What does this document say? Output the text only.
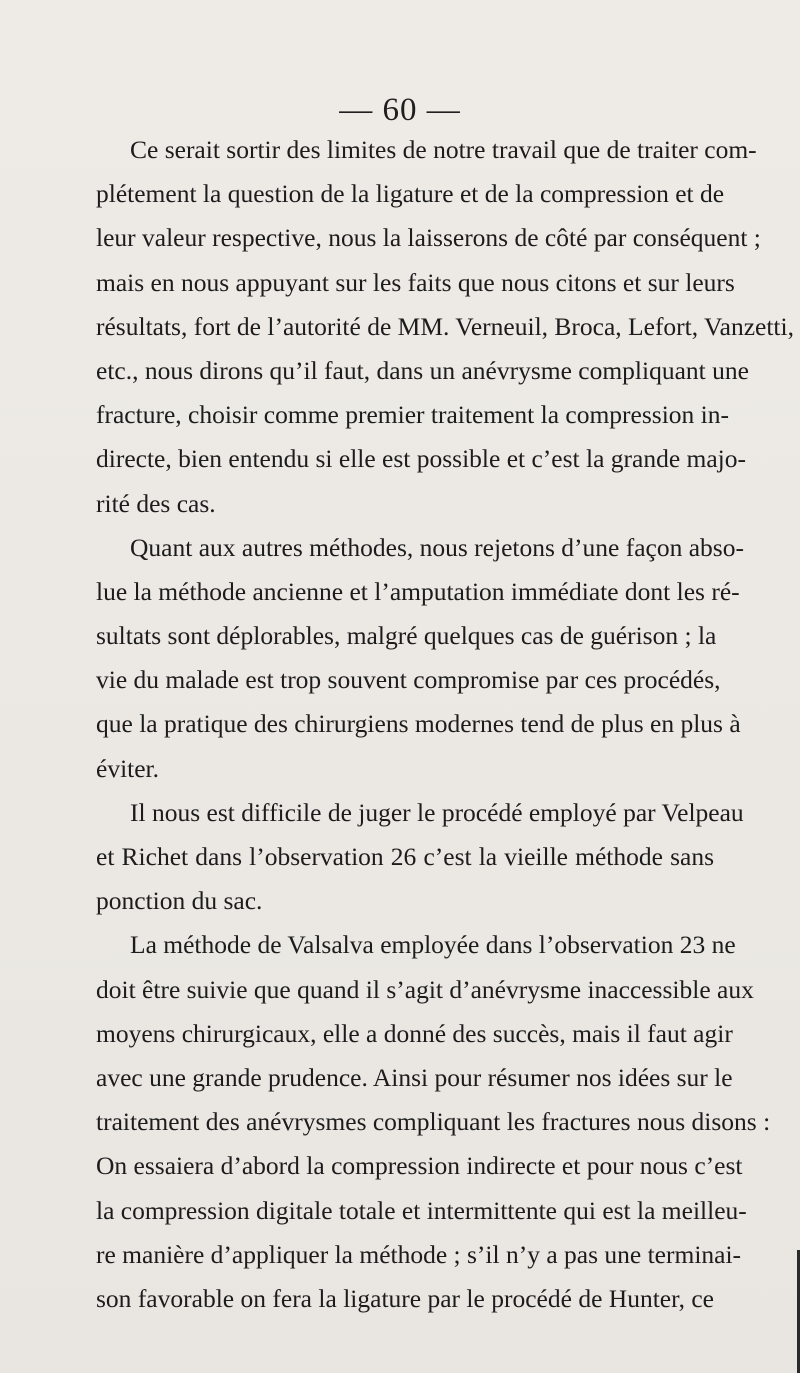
— 60 —
Ce serait sortir des limites de notre travail que de traiter com-
plétement la question de la ligature et de la compression et de
leur valeur respective, nous la laisserons de côté par conséquent ;
mais en nous appuyant sur les faits que nous citons et sur leurs
résultats, fort de l’autorité de MM. Verneuil, Broca, Lefort, Vanzetti,
etc., nous dirons qu’il faut, dans un anévrysme compliquant une
fracture, choisir comme premier traitement la compression in-
directe, bien entendu si elle est possible et c’est la grande majo-
rité des cas.
Quant aux autres méthodes, nous rejetons d’une façon abso-
lue la méthode ancienne et l’amputation immédiate dont les ré-
sultats sont déplorables, malgré quelques cas de guérison ; la
vie du malade est trop souvent compromise par ces procédés,
que la pratique des chirurgiens modernes tend de plus en plus à
éviter.
Il nous est difficile de juger le procédé employé par Velpeau
et Richet dans l’observation 26 c’est la vieille méthode sans
ponction du sac.
La méthode de Valsalva employée dans l’observation 23 ne
doit être suivie que quand il s’agit d’anévrysme inaccessible aux
moyens chirurgicaux, elle a donné des succès, mais il faut agir
avec une grande prudence. Ainsi pour résumer nos idées sur le
traitement des anévrysmes compliquant les fractures nous disons :
On essaiera d’abord la compression indirecte et pour nous c’est
la compression digitale totale et intermittente qui est la meilleu-
re manière d’appliquer la méthode ; s’il n’y a pas une terminai-
son favorable on fera la ligature par le procédé de Hunter, ce
